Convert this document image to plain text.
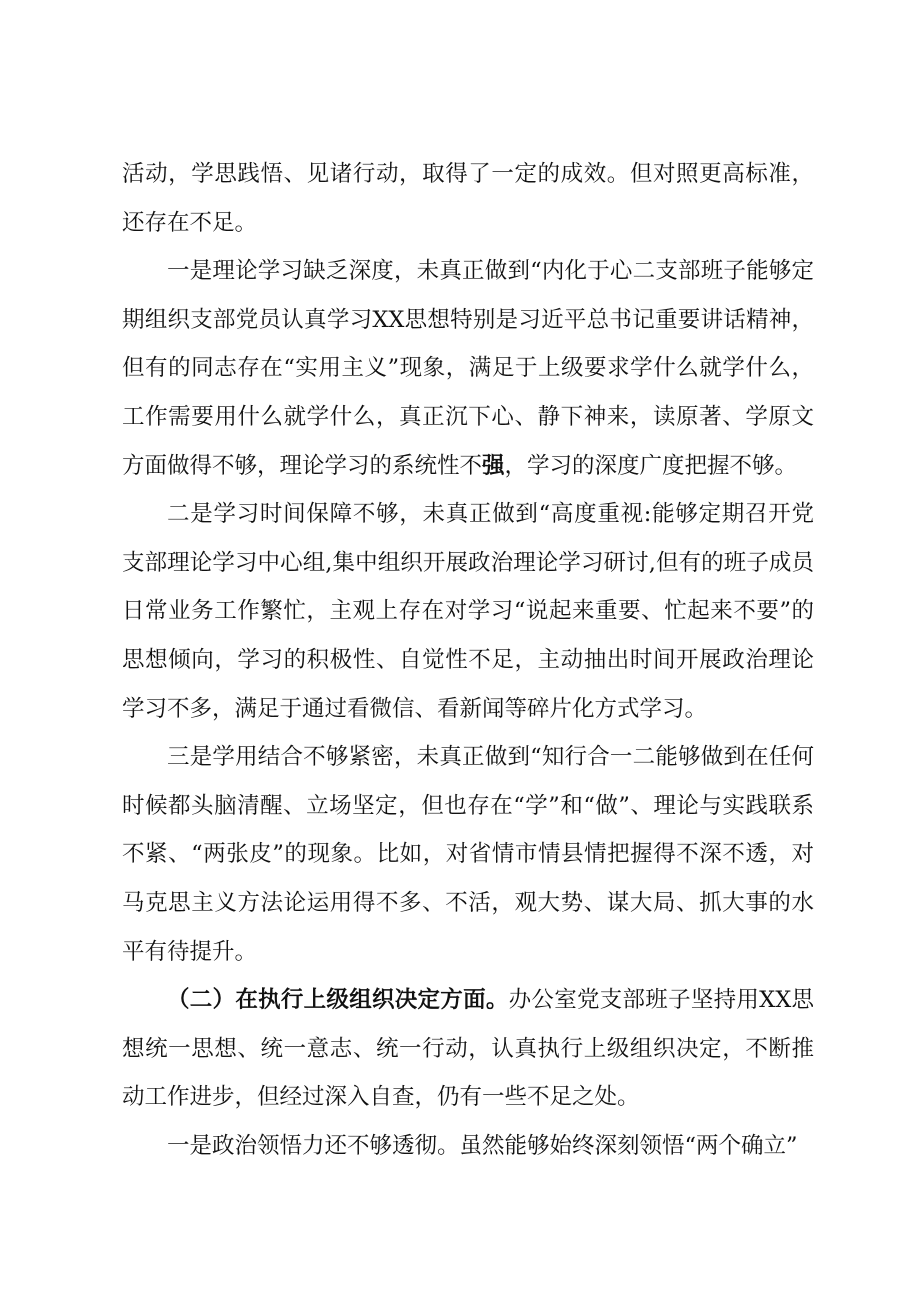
活动，学思践悟、见诸行动，取得了一定的成效。但对照更高标准，还存在不足。

一是理论学习缺乏深度，未真正做到“内化于心二支部班子能够定期组织支部党员认真学习XX思想特别是习近平总书记重要讲话精神，但有的同志存在“实用主义”现象，满足于上级要求学什么就学什么，工作需要用什么就学什么，真正沉下心、静下神来，读原著、学原文方面做得不够，理论学习的系统性不强，学习的深度广度把握不够。

二是学习时间保障不够，未真正做到“高度重视:能够定期召开党支部理论学习中心组,集中组织开展政治理论学习研讨,但有的班子成员日常业务工作繁忙，主观上存在对学习“说起来重要、忙起来不要”的思想倾向，学习的积极性、自觉性不足，主动抽出时间开展政治理论学习不多，满足于通过看微信、看新闻等碎片化方式学习。

三是学用结合不够紧密，未真正做到“知行合一二能够做到在任何时候都头脑清醒、立场坚定，但也存在“学”和“做”、理论与实践联系不紧、“两张皮”的现象。比如，对省情市情县情把握得不深不透，对马克思主义方法论运用得不多、不活，观大势、谋大局、抓大事的水平有待提升。

（二）在执行上级组织决定方面。办公室党支部班子坚持用XX思想统一思想、统一意志、统一行动，认真执行上级组织决定，不断推动工作进步，但经过深入自查，仍有一些不足之处。

一是政治领悟力还不够透彻。虽然能够始终深刻领悟“两个确立”
